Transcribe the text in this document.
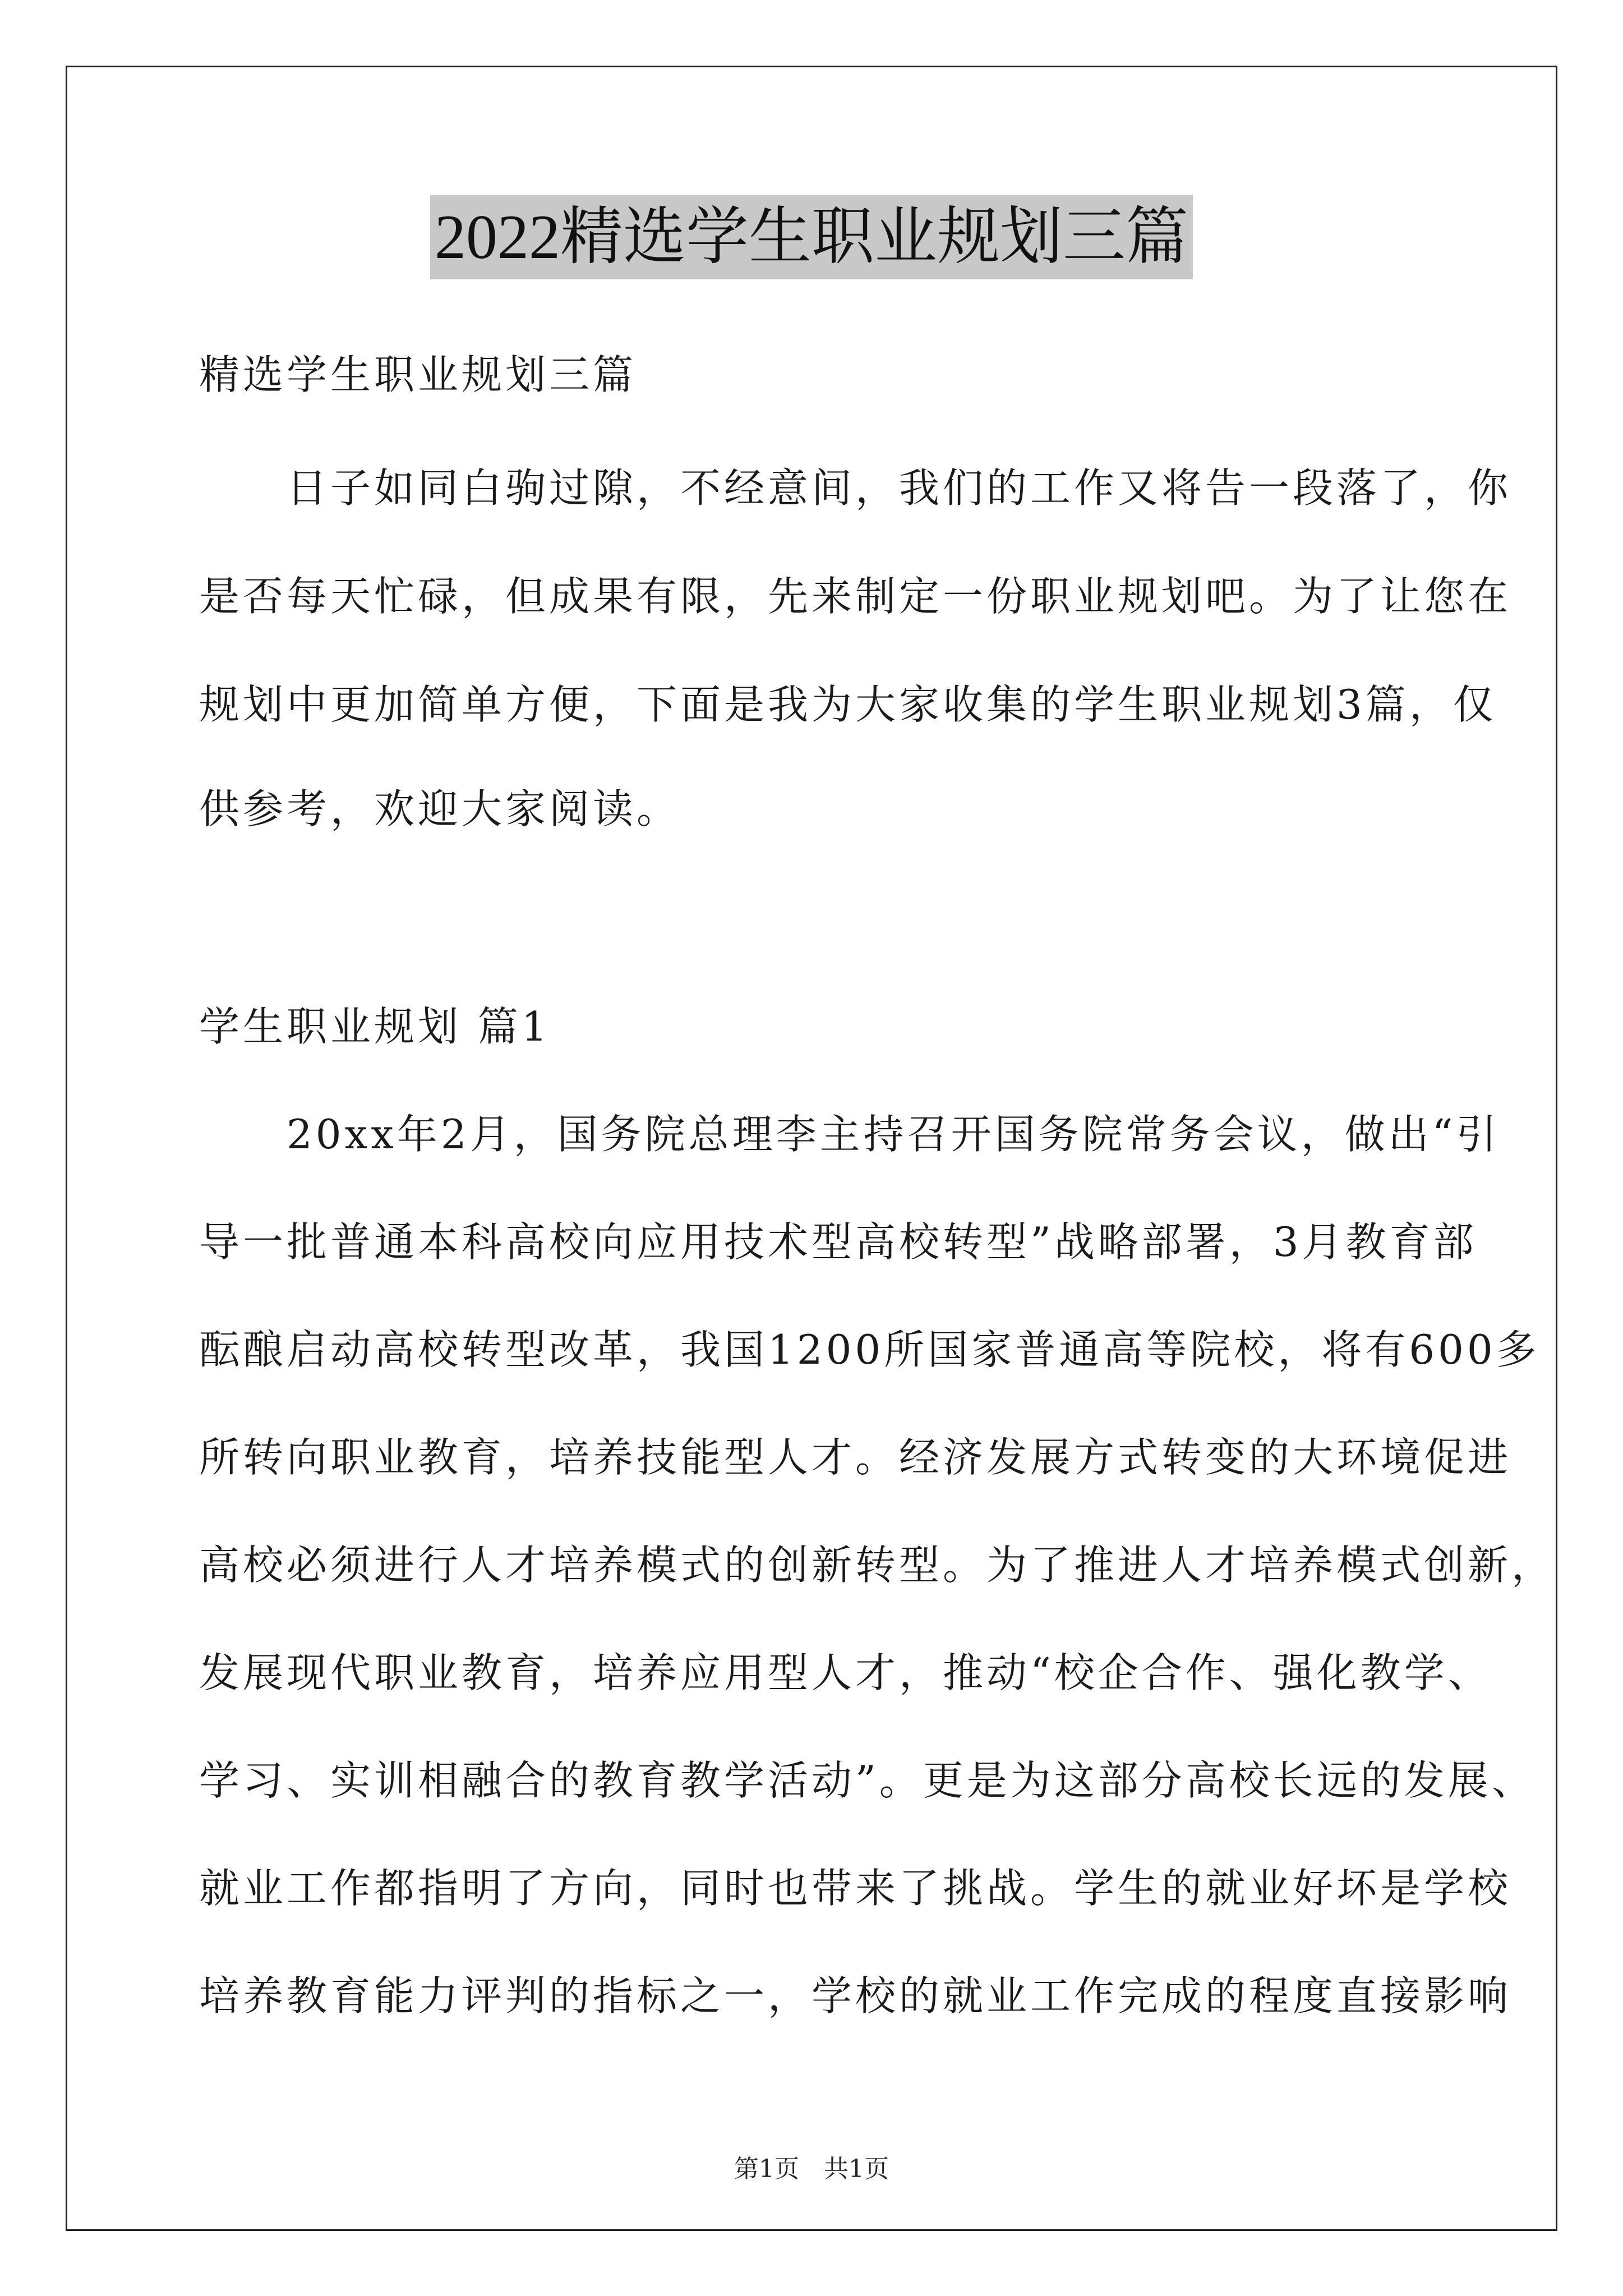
2022精选学生职业规划三篇
精选学生职业规划三篇
　　日子如同白驹过隙，不经意间，我们的工作又将告一段落了，你
是否每天忙碌，但成果有限，先来制定一份职业规划吧。为了让您在
规划中更加简单方便，下面是我为大家收集的学生职业规划3篇，仅
供参考，欢迎大家阅读。
学生职业规划 篇1
　　20xx年2月，国务院总理李主持召开国务院常务会议，做出“引
导一批普通本科高校向应用技术型高校转型”战略部署，3月教育部
酝酿启动高校转型改革，我国1200所国家普通高等院校，将有600多
所转向职业教育，培养技能型人才。经济发展方式转变的大环境促进
高校必须进行人才培养模式的创新转型。为了推进人才培养模式创新，
发展现代职业教育，培养应用型人才，推动“校企合作、强化教学、
学习、实训相融合的教育教学活动”。更是为这部分高校长远的发展、
就业工作都指明了方向，同时也带来了挑战。学生的就业好坏是学校
培养教育能力评判的指标之一，学校的就业工作完成的程度直接影响
第1页　共1页
